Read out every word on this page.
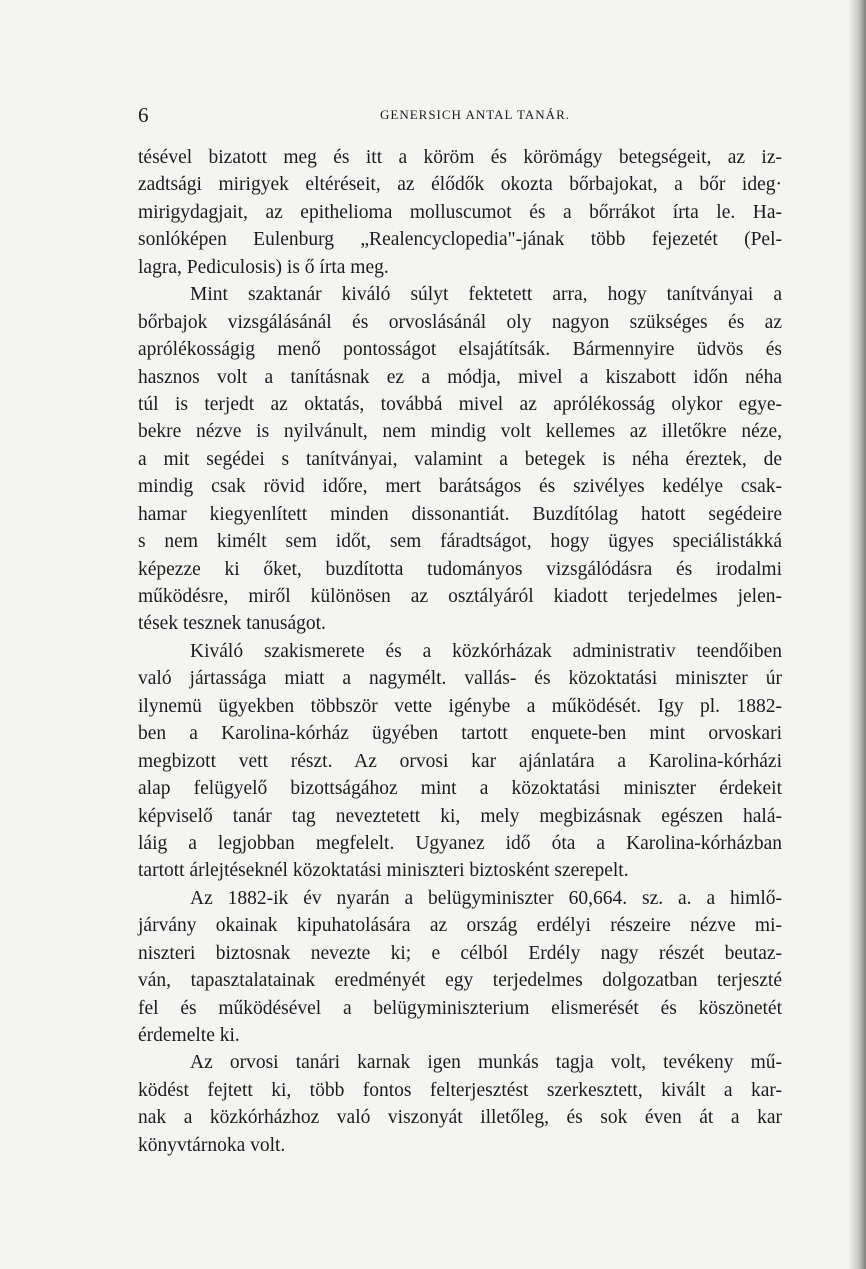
6	GENERSICH ANTAL TANÁR.
tésével bizatott meg és itt a köröm és körömágy betegségeit, az iz-
zadtsági mirigyek eltéréseit, az élődők okozta bőrbajokat, a bőr ideg·
mirigydagjait, az epithelioma molluscumot és a bőrrákot írta le. Ha-
sonlóképen Eulenburg „Realencyclopedia"-jának több fejezetét (Pel-
lagra, Pediculosis) is ő írta meg.
Mint szaktanár kiváló súlyt fektetett arra, hogy tanítványai a
bőrbajok vizsgálásánál és orvoslásánál oly nagyon szükséges és az
aprólékosságig menő pontosságot elsajátítsák. Bármennyire üdvös és
hasznos volt a tanításnak ez a módja, mivel a kiszabott időn néha
túl is terjedt az oktatás, továbbá mivel az aprólékosság olykor egye-
bekre nézve is nyilvánult, nem mindig volt kellemes az illetőkre néze,
a mit segédei s tanítványai, valamint a betegek is néha éreztek, de
mindig csak rövid időre, mert barátságos és szivélyes kedélye csak-
hamar kiegyenlített minden dissonantiát. Buzdítólag hatott segédeire
s nem kimélt sem időt, sem fáradtságot, hogy ügyes speciálistákká
képezze ki őket, buzdította tudományos vizsgálódásra és irodalmi
működésre, miről különösen az osztályáról kiadott terjedelmes jelen-
tések tesznek tanuságot.
Kiváló szakismerete és a közkórházak administrativ teendőiben
való jártassága miatt a nagymélt. vallás- és közoktatási miniszter úr
ilynemü ügyekben többször vette igénybe a működését. Igy pl. 1882-
ben a Karolina-kórház ügyében tartott enquete-ben mint orvoskari
megbizott vett részt. Az orvosi kar ajánlatára a Karolina-kórházi
alap felügyelő bizottságához mint a közoktatási miniszter érdekeit
képviselő tanár tag neveztetett ki, mely megbizásnak egészen halá-
láig a legjobban megfelelt. Ugyanez idő óta a Karolina-kórházban
tartott árlejtéseknél közoktatási miniszteri biztosként szerepelt.
Az 1882-ik év nyarán a belügyminiszter 60,664. sz. a. a himlő-
járvány okainak kipuhatolására az ország erdélyi részeire nézve mi-
niszteri biztosnak nevezte ki; e célból Erdély nagy részét beutaz-
ván, tapasztalatainak eredményét egy terjedelmes dolgozatban terjeszté
fel és működésével a belügyminiszterium elismerését és köszönetét
érdemelte ki.
Az orvosi tanári karnak igen munkás tagja volt, tevékeny mű-
ködést fejtett ki, több fontos felterjesztést szerkesztett, kivált a kar-
nak a közkórházhoz való viszonyát illetőleg, és sok éven át a kar
könyvtárnoka volt.
